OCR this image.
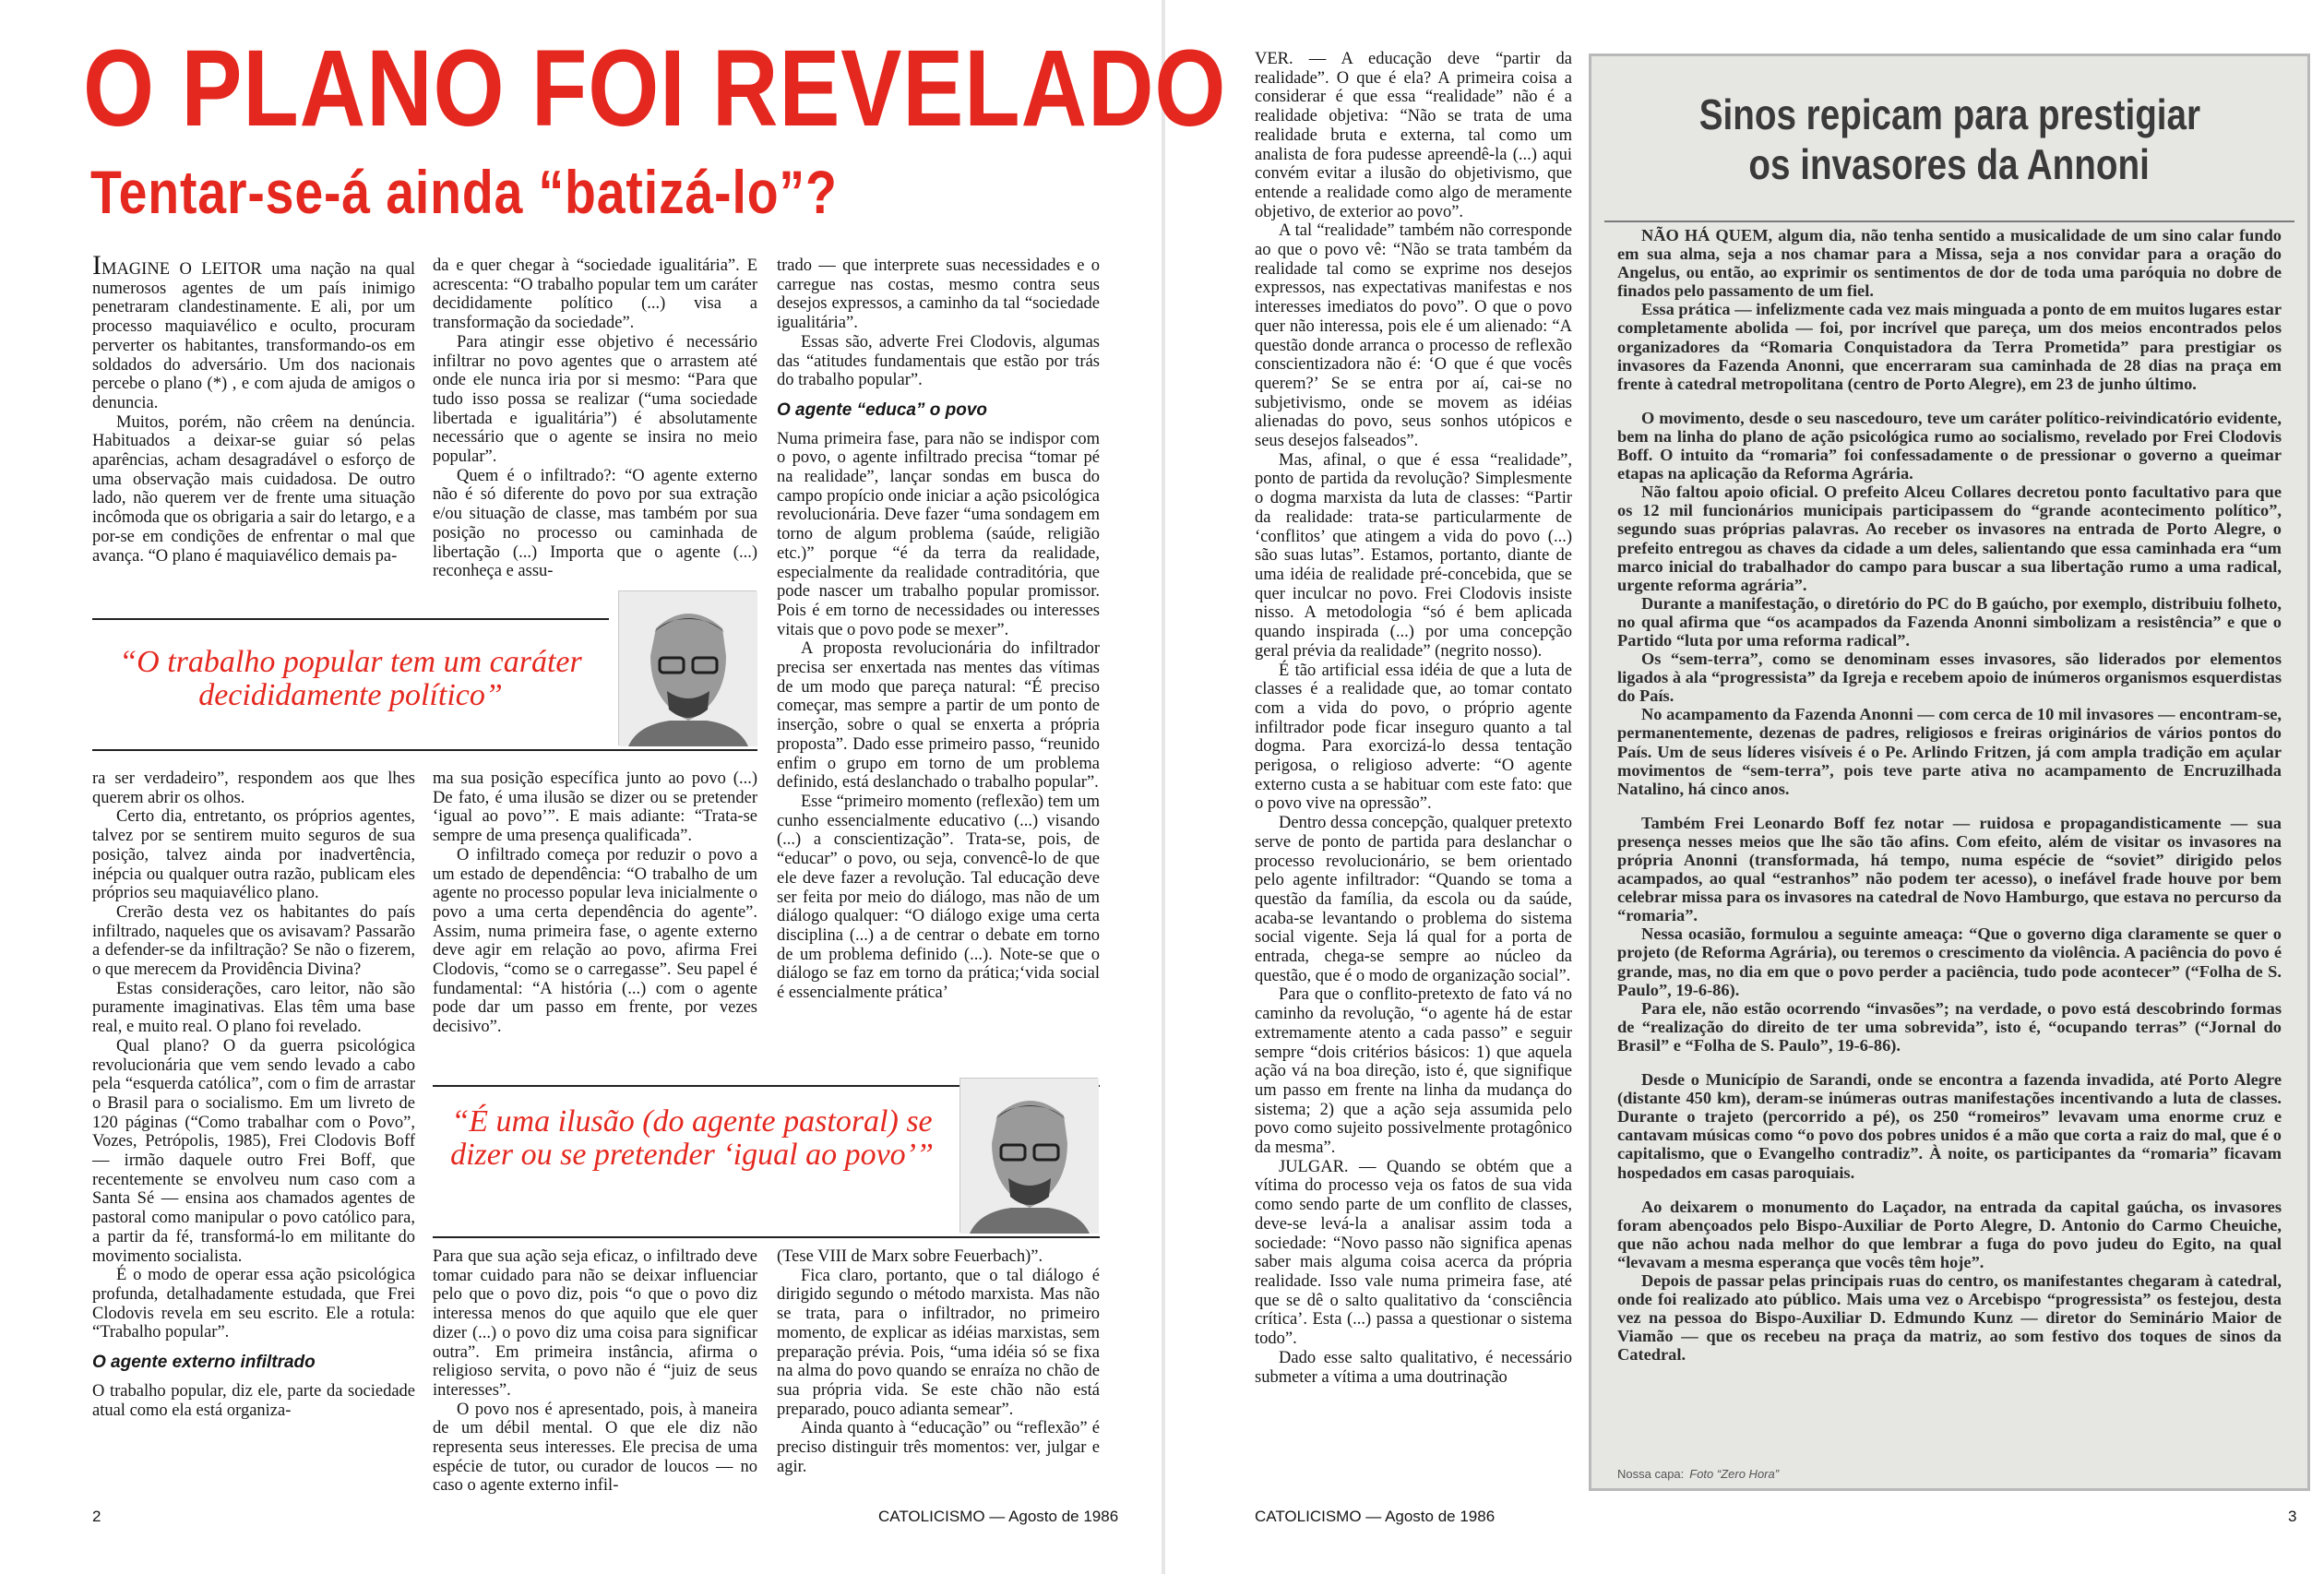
O PLANO FOI REVELADO
Tentar-se-á ainda “batizá-lo”?

IMAGINE O LEITOR uma nação na qual numerosos agentes de um país inimigo penetraram clandestinamente. E ali, por um processo maquiavélico e oculto, procuram perverter os habitantes, transformando-os em soldados do adversário. Um dos nacionais percebe o plano (*) , e com ajuda de amigos o denuncia.

Muitos, porém, não crêem na denúncia. Habituados a deixar-se guiar só pelas aparências, acham desagradável o esforço de uma observação mais cuidadosa. De outro lado, não querem ver de frente uma situação incômoda que os obrigaria a sair do letargo, e a por-se em condições de enfrentar o mal que avança. “O plano é maquiavélico demais pa-

da e quer chegar à “sociedade igualitária”. E acrescenta: “O trabalho popular tem um caráter decididamente político (...) visa a transformação da sociedade”.

Para atingir esse objetivo é necessário infiltrar no povo agentes que o arrastem até onde ele nunca iria por si mesmo: “Para que tudo isso possa se realizar (“uma sociedade libertada e igualitária”) é absolutamente necessário que o agente se insira no meio popular”.

Quem é o infiltrado?: “O agente externo não é só diferente do povo por sua extração e/ou situação de classe, mas também por sua posição no processo ou caminhada de libertação (...) Importa que o agente (...) reconheça e assu-

trado — que interprete suas necessidades e o carregue nas costas, mesmo contra seus desejos expressos, a caminho da tal “sociedade igualitária”.

Essas são, adverte Frei Clodovis, algumas das “atitudes fundamentais que estão por trás do trabalho popular”.

O agente “educa” o povo

Numa primeira fase, para não se indispor com o povo, o agente infiltrado precisa “tomar pé na realidade”, lançar sondas em busca do campo propício onde iniciar a ação psicológica revolucionária. Deve fazer “uma sondagem em torno de algum problema (saúde, religião etc.)” porque “é da terra da realidade, especialmente da realidade contraditória, que pode nascer um trabalho popular promissor. Pois é em torno de necessidades ou interesses vitais que o povo pode se mexer”.

A proposta revolucionária do infiltrador precisa ser enxertada nas mentes das vítimas de um modo que pareça natural: “É preciso começar, mas sempre a partir de um ponto de inserção, sobre o qual se enxerta a própria proposta”. Dado esse primeiro passo, “reunido enfim o grupo em torno de um problema definido, está deslanchado o trabalho popular”.

Esse “primeiro momento (reflexão) tem um cunho essencialmente educativo (...) visando (...) a conscientização”. Trata-se, pois, de “educar” o povo, ou seja, convencê-lo de que ele deve fazer a revolução. Tal educação deve ser feita por meio do diálogo, mas não de um diálogo qualquer: “O diálogo exige uma certa disciplina (...) a de centrar o debate em torno de um problema definido (...). Note-se que o diálogo se faz em torno da prática;‘vida social é essencialmente prática’

“O trabalho popular tem um caráter decididamente político”

ra ser verdadeiro”, respondem aos que lhes querem abrir os olhos.

Certo dia, entretanto, os próprios agentes, talvez por se sentirem muito seguros de sua posição, talvez ainda por inadvertência, inépcia ou qualquer outra razão, publicam eles próprios seu maquiavélico plano.

Crerão desta vez os habitantes do país infiltrado, naqueles que os avisavam? Passarão a defender-se da infiltração? Se não o fizerem, o que merecem da Providência Divina?

Estas considerações, caro leitor, não são puramente imaginativas. Elas têm uma base real, e muito real. O plano foi revelado.

Qual plano? O da guerra psicológica revolucionária que vem sendo levado a cabo pela “esquerda católica”, com o fim de arrastar o Brasil para o socialismo. Em um livreto de 120 páginas (“Como trabalhar com o Povo”, Vozes, Petrópolis, 1985), Frei Clodovis Boff — irmão daquele outro Frei Boff, que recentemente se envolveu num caso com a Santa Sé — ensina aos chamados agentes de pastoral como manipular o povo católico para, a partir da fé, transformá-lo em militante do movimento socialista.

É o modo de operar essa ação psicológica profunda, detalhadamente estudada, que Frei Clodovis revela em seu escrito. Ele a rotula: “Trabalho popular”.

O agente externo infiltrado

O trabalho popular, diz ele, parte da sociedade atual como ela está organiza-

ma sua posição específica junto ao povo (...) De fato, é uma ilusão se dizer ou se pretender ‘igual ao povo’”. E mais adiante: “Trata-se sempre de uma presença qualificada”.

O infiltrado começa por reduzir o povo a um estado de dependência: “O trabalho de um agente no processo popular leva inicialmente o povo a uma certa dependência do agente”. Assim, numa primeira fase, o agente externo deve agir em relação ao povo, afirma Frei Clodovis, “como se o carregasse”. Seu papel é fundamental: “A história (...) com o agente pode dar um passo em frente, por vezes decisivo”.

“É uma ilusão (do agente pastoral) se dizer ou se pretender ‘igual ao povo’”

Para que sua ação seja eficaz, o infiltrado deve tomar cuidado para não se deixar influenciar pelo que o povo diz, pois “o que o povo diz interessa menos do que aquilo que ele quer dizer (...) o povo diz uma coisa para significar outra”. Em primeira instância, afirma o religioso servita, o povo não é “juiz de seus interesses”.

O povo nos é apresentado, pois, à maneira de um débil mental. O que ele diz não representa seus interesses. Ele precisa de uma espécie de tutor, ou curador de loucos — no caso o agente externo infil-

(Tese VIII de Marx sobre Feuerbach)”.

Fica claro, portanto, que o tal diálogo é dirigido segundo o método marxista. Mas não se trata, para o infiltrador, no primeiro momento, de explicar as idéias marxistas, sem preparação prévia. Pois, “uma idéia só se fixa na alma do povo quando se enraíza no chão de sua própria vida. Se este chão não está preparado, pouco adianta semear”.

Ainda quanto à “educação” ou “reflexão” é preciso distinguir três momentos: ver, julgar e agir.

2	CATOLICISMO — Agosto de 1986

VER. — A educação deve “partir da realidade”. O que é ela? A primeira coisa a considerar é que essa “realidade” não é a realidade objetiva: “Não se trata de uma realidade bruta e externa, tal como um analista de fora pudesse apreendê-la (...) aqui convém evitar a ilusão do objetivismo, que entende a realidade como algo de meramente objetivo, de exterior ao povo”.

A tal “realidade” também não corresponde ao que o povo vê: “Não se trata também da realidade tal como se exprime nos desejos expressos, nas expectativas manifestas e nos interesses imediatos do povo”. O que o povo quer não interessa, pois ele é um alienado: “A questão donde arranca o processo de reflexão conscientizadora não é: ‘O que é que vocês querem?’ Se se entra por aí, cai-se no subjetivismo, onde se movem as idéias alienadas do povo, seus sonhos utópicos e seus desejos falseados”.

Mas, afinal, o que é essa “realidade”, ponto de partida da revolução? Simplesmente o dogma marxista da luta de classes: “Partir da realidade: trata-se particularmente de ‘conflitos’ que atingem a vida do povo (...) são suas lutas”. Estamos, portanto, diante de uma idéia de realidade pré-concebida, que se quer inculcar no povo. Frei Clodovis insiste nisso. A metodologia “só é bem aplicada quando inspirada (...) por uma concepção geral prévia da realidade” (negrito nosso).

É tão artificial essa idéia de que a luta de classes é a realidade que, ao tomar contato com a vida do povo, o próprio agente infiltrador pode ficar inseguro quanto a tal dogma. Para exorcizá-lo dessa tentação perigosa, o religioso adverte: “O agente externo custa a se habituar com este fato: que o povo vive na opressão”.

Dentro dessa concepção, qualquer pretexto serve de ponto de partida para deslanchar o processo revolucionário, se bem orientado pelo agente infiltrador: “Quando se toma a questão da família, da escola ou da saúde, acaba-se levantando o problema do sistema social vigente. Seja lá qual for a porta de entrada, chega-se sempre ao núcleo da questão, que é o modo de organização social”.

Para que o conflito-pretexto de fato vá no caminho da revolução, “o agente há de estar extremamente atento a cada passo” e seguir sempre “dois critérios básicos: 1) que aquela ação vá na boa direção, isto é, que signifique um passo em frente na linha da mudança do sistema; 2) que a ação seja assumida pelo povo como sujeito possivelmente protagônico da mesma”.

JULGAR. — Quando se obtém que a vítima do processo veja os fatos de sua vida como sendo parte de um conflito de classes, deve-se levá-la a analisar assim toda a sociedade: “Novo passo não significa apenas saber mais alguma coisa acerca da própria realidade. Isso vale numa primeira fase, até que se dê o salto qualitativo da ‘consciência crítica’. Esta (...) passa a questionar o sistema todo”.

Dado esse salto qualitativo, é necessário submeter a vítima a uma doutrinação

Sinos repicam para prestigiar
os invasores da Annoni

NÃO HÁ QUEM, algum dia, não tenha sentido a musicalidade de um sino calar fundo em sua alma, seja a nos chamar para a Missa, seja a nos convidar para a oração do Angelus, ou então, ao exprimir os sentimentos de dor de toda uma paróquia no dobre de finados pelo passamento de um fiel.

Essa prática — infelizmente cada vez mais minguada a ponto de em muitos lugares estar completamente abolida — foi, por incrível que pareça, um dos meios encontrados pelos organizadores da “Romaria Conquistadora da Terra Prometida” para prestigiar os invasores da Fazenda Anonni, que encerraram sua caminhada de 28 dias na praça em frente à catedral metropolitana (centro de Porto Alegre), em 23 de junho último.

O movimento, desde o seu nascedouro, teve um caráter político-reivindicatório evidente, bem na linha do plano de ação psicológica rumo ao socialismo, revelado por Frei Clodovis Boff. O intuito da “romaria” foi confessadamente o de pressionar o governo a queimar etapas na aplicação da Reforma Agrária.

Não faltou apoio oficial. O prefeito Alceu Collares decretou ponto facultativo para que os 12 mil funcionários municipais participassem do “grande acontecimento político”, segundo suas próprias palavras. Ao receber os invasores na entrada de Porto Alegre, o prefeito entregou as chaves da cidade a um deles, salientando que essa caminhada era “um marco inicial do trabalhador do campo para buscar a sua libertação rumo a uma radical, urgente reforma agrária”.

Durante a manifestação, o diretório do PC do B gaúcho, por exemplo, distribuiu folheto, no qual afirma que “os acampados da Fazenda Anonni simbolizam a resistência” e que o Partido “luta por uma reforma radical”.

Os “sem-terra”, como se denominam esses invasores, são liderados por elementos ligados à ala “progressista” da Igreja e recebem apoio de inúmeros organismos esquerdistas do País.

No acampamento da Fazenda Anonni — com cerca de 10 mil invasores — encontram-se, permanentemente, dezenas de padres, religiosos e freiras originários de vários pontos do País. Um de seus líderes visíveis é o Pe. Arlindo Fritzen, já com ampla tradição em açular movimentos de “sem-terra”, pois teve parte ativa no acampamento de Encruzilhada Natalino, há cinco anos.

Também Frei Leonardo Boff fez notar — ruidosa e propagandisticamente — sua presença nesses meios que lhe são tão afins. Com efeito, além de visitar os invasores na própria Anonni (transformada, há tempo, numa espécie de “soviet” dirigido pelos acampados, ao qual “estranhos” não podem ter acesso), o inefável frade houve por bem celebrar missa para os invasores na catedral de Novo Hamburgo, que estava no percurso da “romaria”.

Nessa ocasião, formulou a seguinte ameaça: “Que o governo diga claramente se quer o projeto (de Reforma Agrária), ou teremos o crescimento da violência. A paciência do povo é grande, mas, no dia em que o povo perder a paciência, tudo pode acontecer” (“Folha de S. Paulo”, 19-6-86).

Para ele, não estão ocorrendo “invasões”; na verdade, o povo está descobrindo formas de “realização do direito de ter uma sobrevida”, isto é, “ocupando terras” (“Jornal do Brasil” e “Folha de S. Paulo”, 19-6-86).

Desde o Município de Sarandi, onde se encontra a fazenda invadida, até Porto Alegre (distante 450 km), deram-se inúmeras outras manifestações incentivando a luta de classes. Durante o trajeto (percorrido a pé), os 250 “romeiros” levavam uma enorme cruz e cantavam músicas como “o povo dos pobres unidos é a mão que corta a raiz do mal, que é o capitalismo, que o Evangelho contradiz”. À noite, os participantes da “romaria” ficavam hospedados em casas paroquiais.

Ao deixarem o monumento do Laçador, na entrada da capital gaúcha, os invasores foram abençoados pelo Bispo-Auxiliar de Porto Alegre, D. Antonio do Carmo Cheuiche, que não achou nada melhor do que lembrar a fuga do povo judeu do Egito, na qual “levavam a mesma esperança que vocês têm hoje”.

Depois de passar pelas principais ruas do centro, os manifestantes chegaram à catedral, onde foi realizado ato público. Mais uma vez o Arcebispo “progressista” os festejou, desta vez na pessoa do Bispo-Auxiliar D. Edmundo Kunz — diretor do Seminário Maior de Viamão — que os recebeu na praça da matriz, ao som festivo dos toques de sinos da Catedral.

Nossa capa: Foto “Zero Hora”
CATOLICISMO — Agosto de 1986	3
